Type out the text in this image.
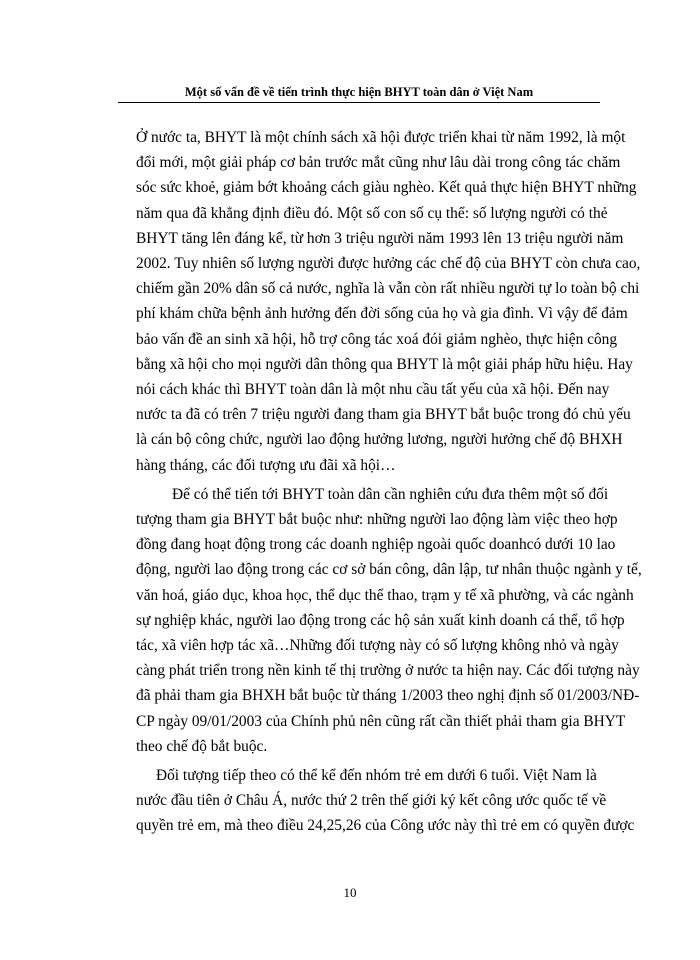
Một số vấn đề về tiến trình thực hiện BHYT toàn dân ở Việt Nam
Ở nước ta, BHYT là một chính sách xã hội được triển khai từ năm 1992, là một
đổi mới, một giải pháp cơ bản trước mắt cũng như lâu dài trong công tác chăm
sóc sức khoẻ, giảm bớt khoảng cách giàu nghèo. Kết quả thực hiện BHYT những
năm qua đã khẳng định điều đó. Một số con số cụ thể: số lượng người có thẻ
BHYT tăng lên đáng kể, từ hơn 3 triệu người năm 1993 lên 13 triệu người năm
2002. Tuy nhiên số lượng người được hưởng các chế độ của BHYT còn chưa cao,
chiếm gần 20% dân số cả nước, nghĩa là vẫn còn rất nhiều người tự lo toàn bộ chi
phí khám chữa bệnh ảnh hưởng đến đời sống của họ và gia đình. Vì vậy để đảm
bảo vấn đề an sinh xã hội, hỗ trợ công tác xoá đói giảm nghèo, thực hiện công
bằng xã hội cho mọi người dân thông qua BHYT là một giải pháp hữu hiệu. Hay
nói cách khác thì BHYT toàn dân là một nhu cầu tất yếu của xã hội. Đến nay
nước ta đã có trên 7 triệu người đang tham gia BHYT bắt buộc trong đó chủ yếu
là cán bộ công chức, người lao động hưởng lương, người hưởng chế độ BHXH
hàng tháng, các đối tượng ưu đãi xã hội…
Để có thể tiến tới BHYT toàn dân cần nghiên cứu đưa thêm một số đối
tượng tham gia BHYT bắt buộc như: những người lao động làm việc theo hợp
đồng đang hoạt động trong các doanh nghiệp ngoài quốc doanhcó dưới 10 lao
động, người lao động trong các cơ sở bán công, dân lập, tư nhân thuộc ngành y tế,
văn hoá, giáo dục, khoa học, thể dục thể thao, trạm y tế xã phường, và các ngành
sự nghiệp khác, người lao động trong các hộ sản xuất kinh doanh cá thể, tổ hợp
tác, xã viên hợp tác xã…Những đối tượng này có số lượng không nhỏ và ngày
càng phát triển trong nền kinh tế thị trường ở nước ta hiện nay. Các đối tượng này
đã phải tham gia BHXH bắt buộc từ tháng 1/2003 theo nghị định số 01/2003/NĐ-
CP ngày 09/01/2003 của Chính phủ nên cũng rất cần thiết phải tham gia BHYT
theo chế độ bắt buộc.
Đối tượng tiếp theo có thể kể đến nhóm trẻ em dưới 6 tuổi. Việt Nam là
nước đầu tiên ở Châu Á, nước thứ 2 trên thế giới ký kết công ước quốc tế về
quyền trẻ em, mà theo điều 24,25,26 của Công ước này thì trẻ em có quyền được
10
